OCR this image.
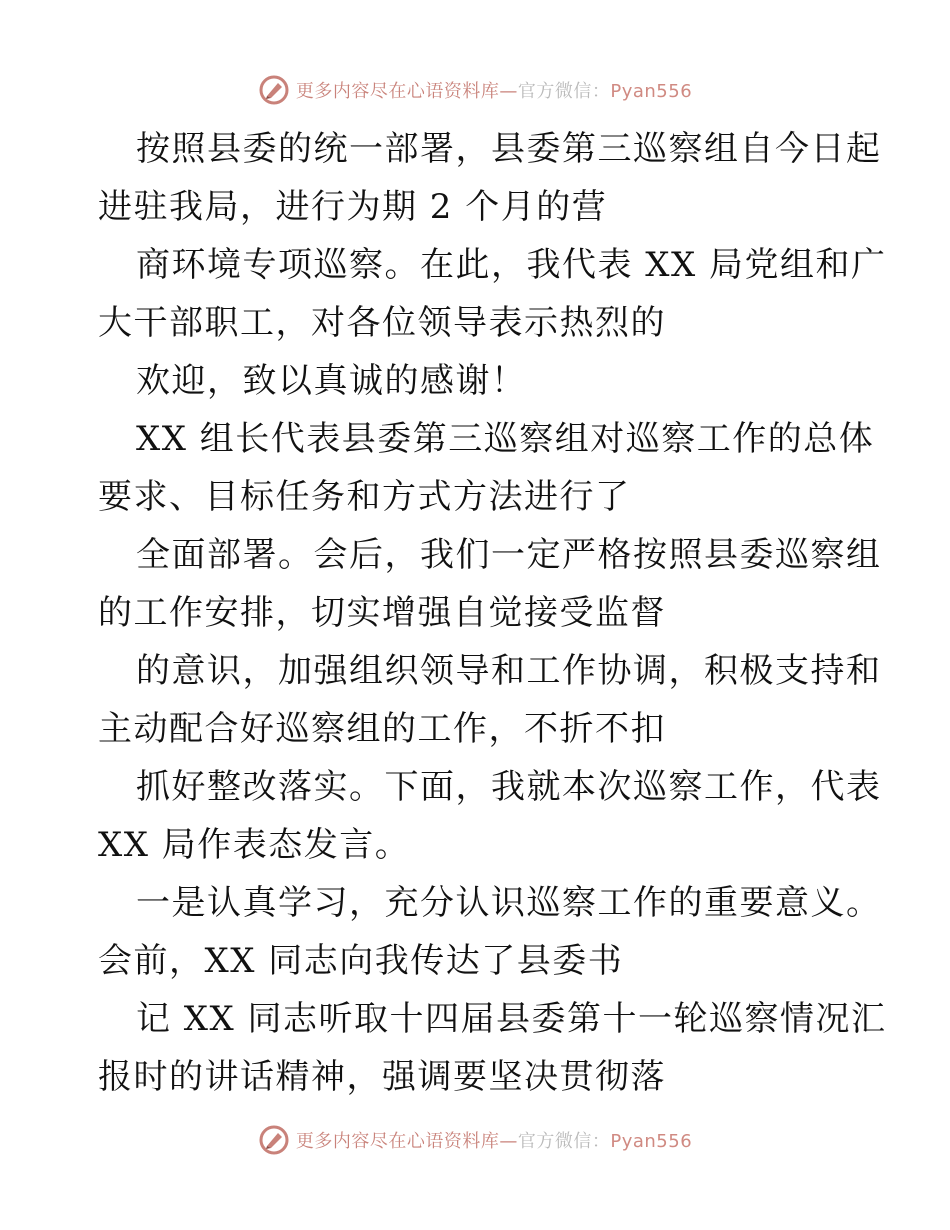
更多内容尽在心语资料库—官方微信：Pyan556
按照县委的统一部署，县委第三巡察组自今日起
进驻我局，进行为期 2 个月的营
商环境专项巡察。在此，我代表 XX 局党组和广
大干部职工，对各位领导表示热烈的
欢迎，致以真诚的感谢！
XX 组长代表县委第三巡察组对巡察工作的总体
要求、目标任务和方式方法进行了
全面部署。会后，我们一定严格按照县委巡察组
的工作安排，切实增强自觉接受监督
的意识，加强组织领导和工作协调，积极支持和
主动配合好巡察组的工作，不折不扣
抓好整改落实。下面，我就本次巡察工作，代表
XX 局作表态发言。
一是认真学习，充分认识巡察工作的重要意义。
会前，XX 同志向我传达了县委书
记 XX 同志听取十四届县委第十一轮巡察情况汇
报时的讲话精神，强调要坚决贯彻落
更多内容尽在心语资料库—官方微信：Pyan556
